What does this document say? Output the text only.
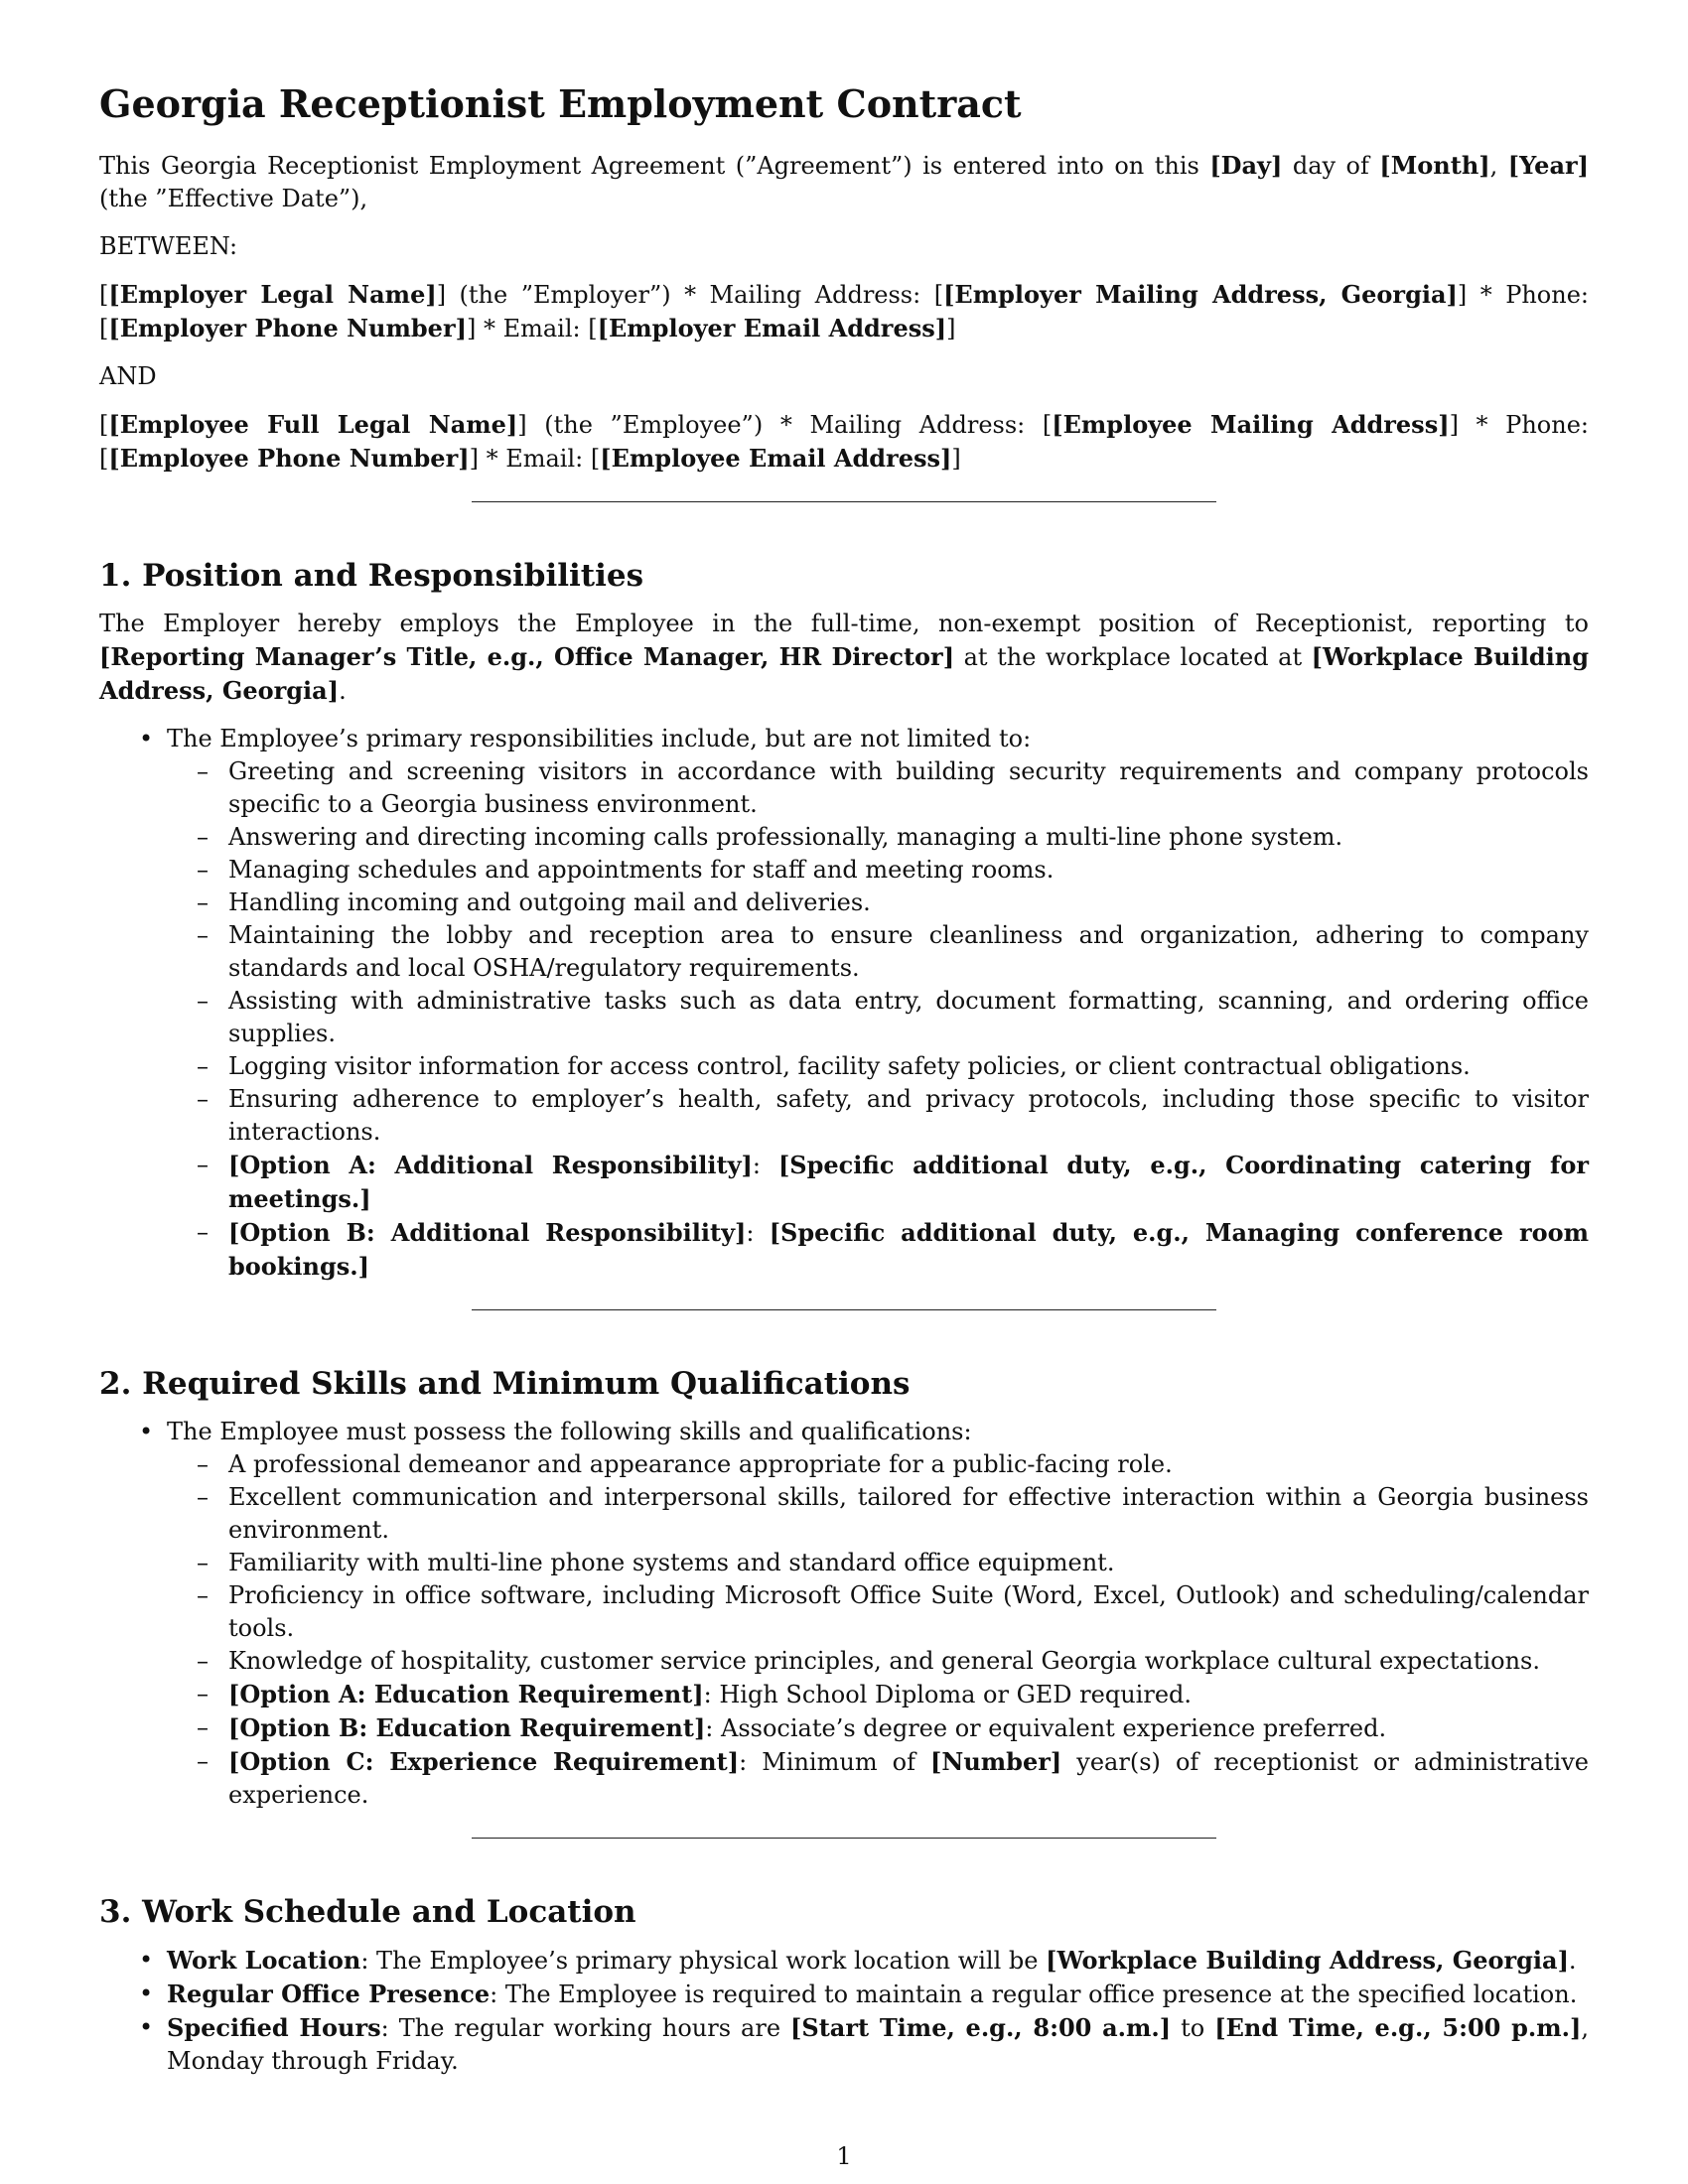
Georgia Receptionist Employment Contract

This Georgia Receptionist Employment Agreement (”Agreement”) is entered into on this [Day] day of [Month], [Year] (the ”Effective Date”),

BETWEEN:

[[Employer Legal Name]] (the ”Employer”) * Mailing Address: [[Employer Mailing Address, Georgia]] * Phone: [[Employer Phone Number]] * Email: [[Employer Email Address]]

AND

[[Employee Full Legal Name]] (the ”Employee”) * Mailing Address: [[Employee Mailing Address]] * Phone: [[Employee Phone Number]] * Email: [[Employee Email Address]]

1. Position and Responsibilities

The Employer hereby employs the Employee in the full-time, non-exempt position of Receptionist, reporting to [Reporting Manager’s Title, e.g., Office Manager, HR Director] at the workplace located at [Workplace Building Address, Georgia].

• The Employee’s primary responsibilities include, but are not limited to:
– Greeting and screening visitors in accordance with building security requirements and company protocols specific to a Georgia business environment.
– Answering and directing incoming calls professionally, managing a multi-line phone system.
– Managing schedules and appointments for staff and meeting rooms.
– Handling incoming and outgoing mail and deliveries.
– Maintaining the lobby and reception area to ensure cleanliness and organization, adhering to company standards and local OSHA/regulatory requirements.
– Assisting with administrative tasks such as data entry, document formatting, scanning, and ordering office supplies.
– Logging visitor information for access control, facility safety policies, or client contractual obligations.
– Ensuring adherence to employer’s health, safety, and privacy protocols, including those specific to visitor interactions.
– [Option A: Additional Responsibility]: [Specific additional duty, e.g., Coordinating catering for meetings.]
– [Option B: Additional Responsibility]: [Specific additional duty, e.g., Managing conference room bookings.]
2. Required Skills and Minimum Qualifications
• The Employee must possess the following skills and qualifications:
– A professional demeanor and appearance appropriate for a public-facing role.
– Excellent communication and interpersonal skills, tailored for effective interaction within a Georgia business environment.
– Familiarity with multi-line phone systems and standard office equipment.
– Proficiency in office software, including Microsoft Office Suite (Word, Excel, Outlook) and scheduling/calendar tools.
– Knowledge of hospitality, customer service principles, and general Georgia workplace cultural expectations.
– [Option A: Education Requirement]: High School Diploma or GED required.
– [Option B: Education Requirement]: Associate’s degree or equivalent experience preferred.
– [Option C: Experience Requirement]: Minimum of [Number] year(s) of receptionist or administrative experience.
3. Work Schedule and Location
• Work Location: The Employee’s primary physical work location will be [Workplace Building Address, Georgia].
• Regular Office Presence: The Employee is required to maintain a regular office presence at the specified location.
• Specified Hours: The regular working hours are [Start Time, e.g., 8:00 a.m.] to [End Time, e.g., 5:00 p.m.], Monday through Friday.
1
